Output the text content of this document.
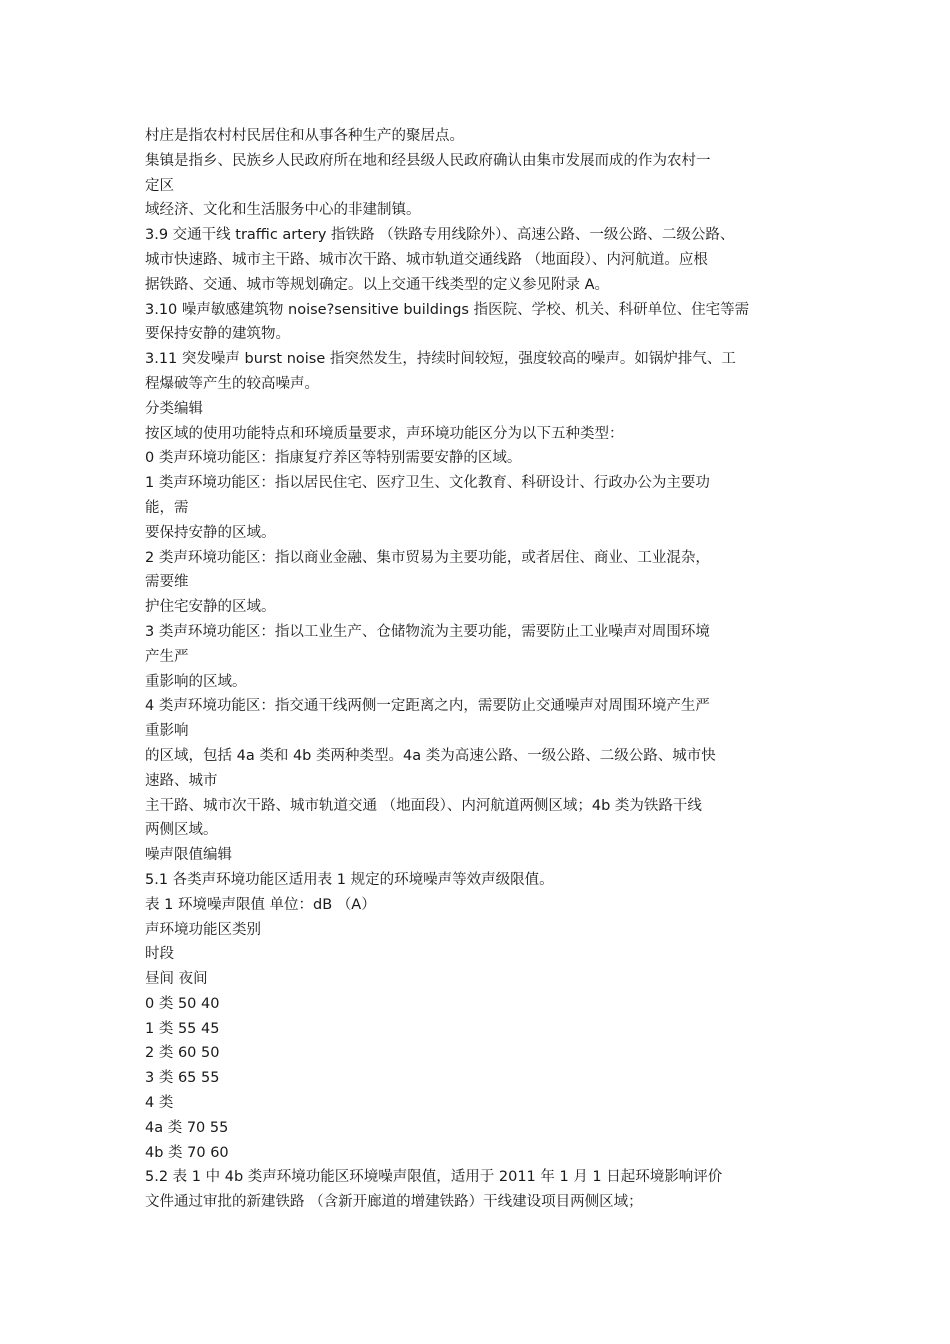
村庄是指农村村民居住和从事各种生产的聚居点。
集镇是指乡、民族乡人民政府所在地和经县级人民政府确认由集市发展而成的作为农村一
定区
域经济、文化和生活服务中心的非建制镇。
3.9 交通干线 traffic artery 指铁路 （铁路专用线除外）、高速公路、一级公路、二级公路、
城市快速路、城市主干路、城市次干路、城市轨道交通线路 （地面段）、内河航道。应根
据铁路、交通、城市等规划确定。以上交通干线类型的定义参见附录 A。
3.10 噪声敏感建筑物 noise?sensitive buildings 指医院、学校、机关、科研单位、住宅等需
要保持安静的建筑物。
3.11 突发噪声 burst noise 指突然发生，持续时间较短，强度较高的噪声。如锅炉排气、工
程爆破等产生的较高噪声。
分类编辑
按区域的使用功能特点和环境质量要求，声环境功能区分为以下五种类型：
0 类声环境功能区：指康复疗养区等特别需要安静的区域。
1 类声环境功能区：指以居民住宅、医疗卫生、文化教育、科研设计、行政办公为主要功
能，需
要保持安静的区域。
2 类声环境功能区：指以商业金融、集市贸易为主要功能，或者居住、商业、工业混杂，
需要维
护住宅安静的区域。
3 类声环境功能区：指以工业生产、仓储物流为主要功能，需要防止工业噪声对周围环境
产生严
重影响的区域。
4 类声环境功能区：指交通干线两侧一定距离之内，需要防止交通噪声对周围环境产生严
重影响
的区域，包括 4a 类和 4b 类两种类型。4a 类为高速公路、一级公路、二级公路、城市快
速路、城市
主干路、城市次干路、城市轨道交通 （地面段）、内河航道两侧区域；4b 类为铁路干线
两侧区域。
噪声限值编辑
5.1 各类声环境功能区适用表 1 规定的环境噪声等效声级限值。
表 1 环境噪声限值 单位：dB （A）
声环境功能区类别
时段
昼间 夜间
0 类 50 40
1 类 55 45
2 类 60 50
3 类 65 55
4 类
4a 类 70 55
4b 类 70 60
5.2 表 1 中 4b 类声环境功能区环境噪声限值，适用于 2011 年 1 月 1 日起环境影响评价
文件通过审批的新建铁路 （含新开廊道的增建铁路）干线建设项目两侧区域；
